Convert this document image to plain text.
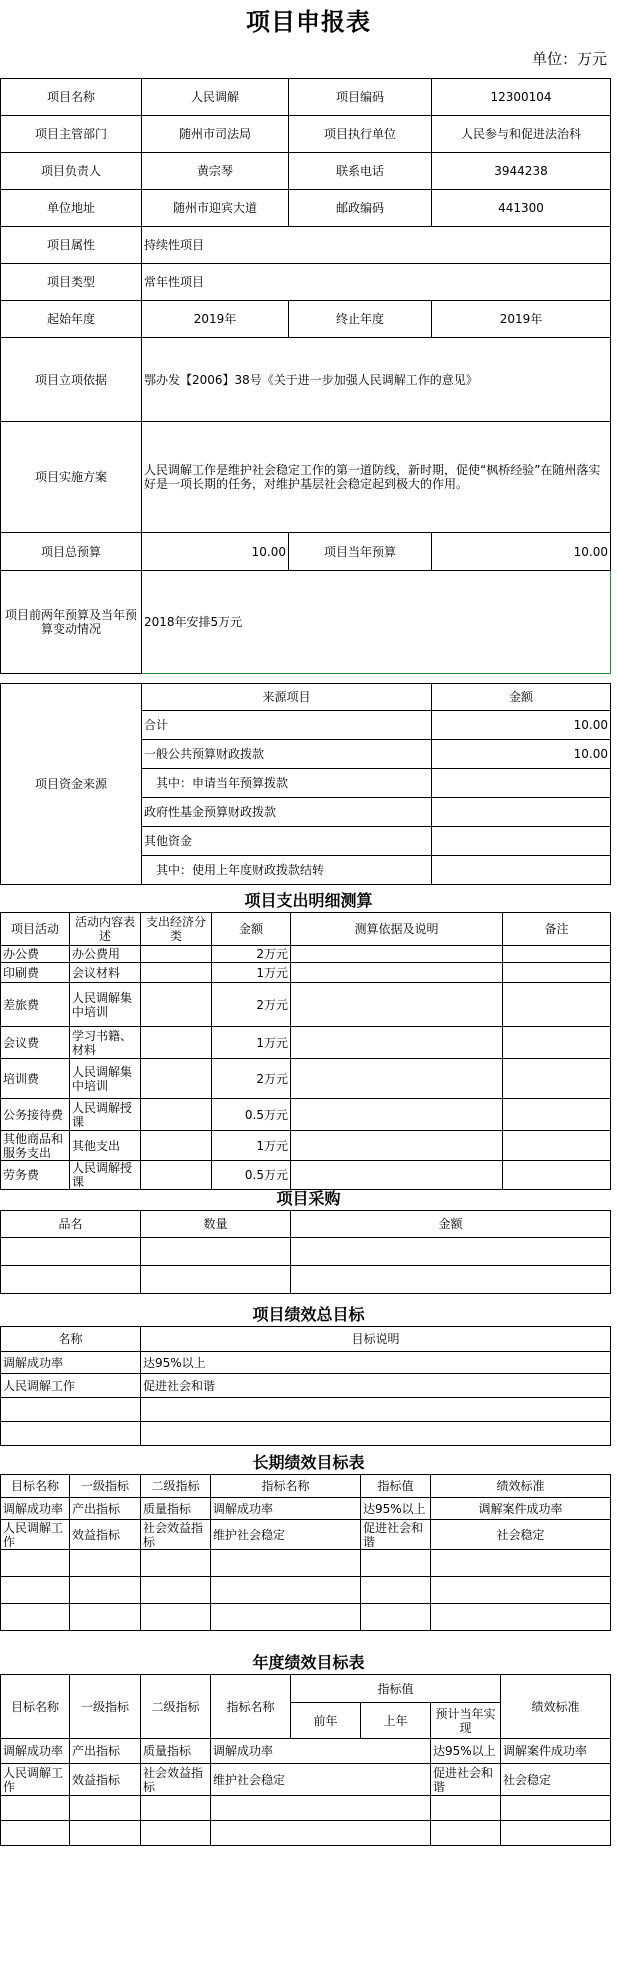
项目申报表
单位：万元
项目名称	人民调解	项目编码	12300104
项目主管部门	随州市司法局	项目执行单位	人民参与和促进法治科
项目负责人	黄宗琴	联系电话	3944238
单位地址	随州市迎宾大道	邮政编码	441300
项目属性	持续性项目		
项目类型	常年性项目		
起始年度	2019年	终止年度	2019年
项目立项依据	鄂办发【2006】38号《关于进一步加强人民调解工作的意见》		
项目实施方案	人民调解工作是维护社会稳定工作的第一道防线，新时期，促使“枫桥经验”在随州落实好是一项长期的任务，对维护基层社会稳定起到极大的作用。		
项目总预算	10.00	项目当年预算	10.00
项目前两年预算及当年预算变动情况	2018年安排5万元		
项目资金来源	来源项目	金额
	合计	10.00
	一般公共预算财政拨款	10.00
	其中：申请当年预算拨款	
	政府性基金预算财政拨款	
	其他资金	
	其中：使用上年度财政拨款结转	
项目支出明细测算
项目活动	活动内容表述	支出经济分类	金额	测算依据及说明	备注
办公费	办公费用		2万元		
印刷费	会议材料		1万元		
差旅费	人民调解集中培训		2万元		
会议费	学习书籍、材料		1万元		
培训费	人民调解集中培训		2万元		
公务接待费	人民调解授课		0.5万元		
其他商品和服务支出	其他支出		1万元		
劳务费	人民调解授课		0.5万元		
项目采购
品名	数量	金额

项目绩效总目标
名称	目标说明
调解成功率	达95%以上
人民调解工作	促进社会和谐

长期绩效目标表
目标名称	一级指标	二级指标	指标名称	指标值	绩效标准
调解成功率	产出指标	质量指标	调解成功率	达95%以上	调解案件成功率
人民调解工作	效益指标	社会效益指标	维护社会稳定	促进社会和谐	社会稳定

年度绩效目标表
目标名称	一级指标	二级指标	指标名称	指标值			绩效标准
				前年	上年	预计当年实现	
调解成功率	产出指标	质量指标	调解成功率			达95%以上	调解案件成功率
人民调解工作	效益指标	社会效益指标	维护社会稳定			促进社会和谐	社会稳定
